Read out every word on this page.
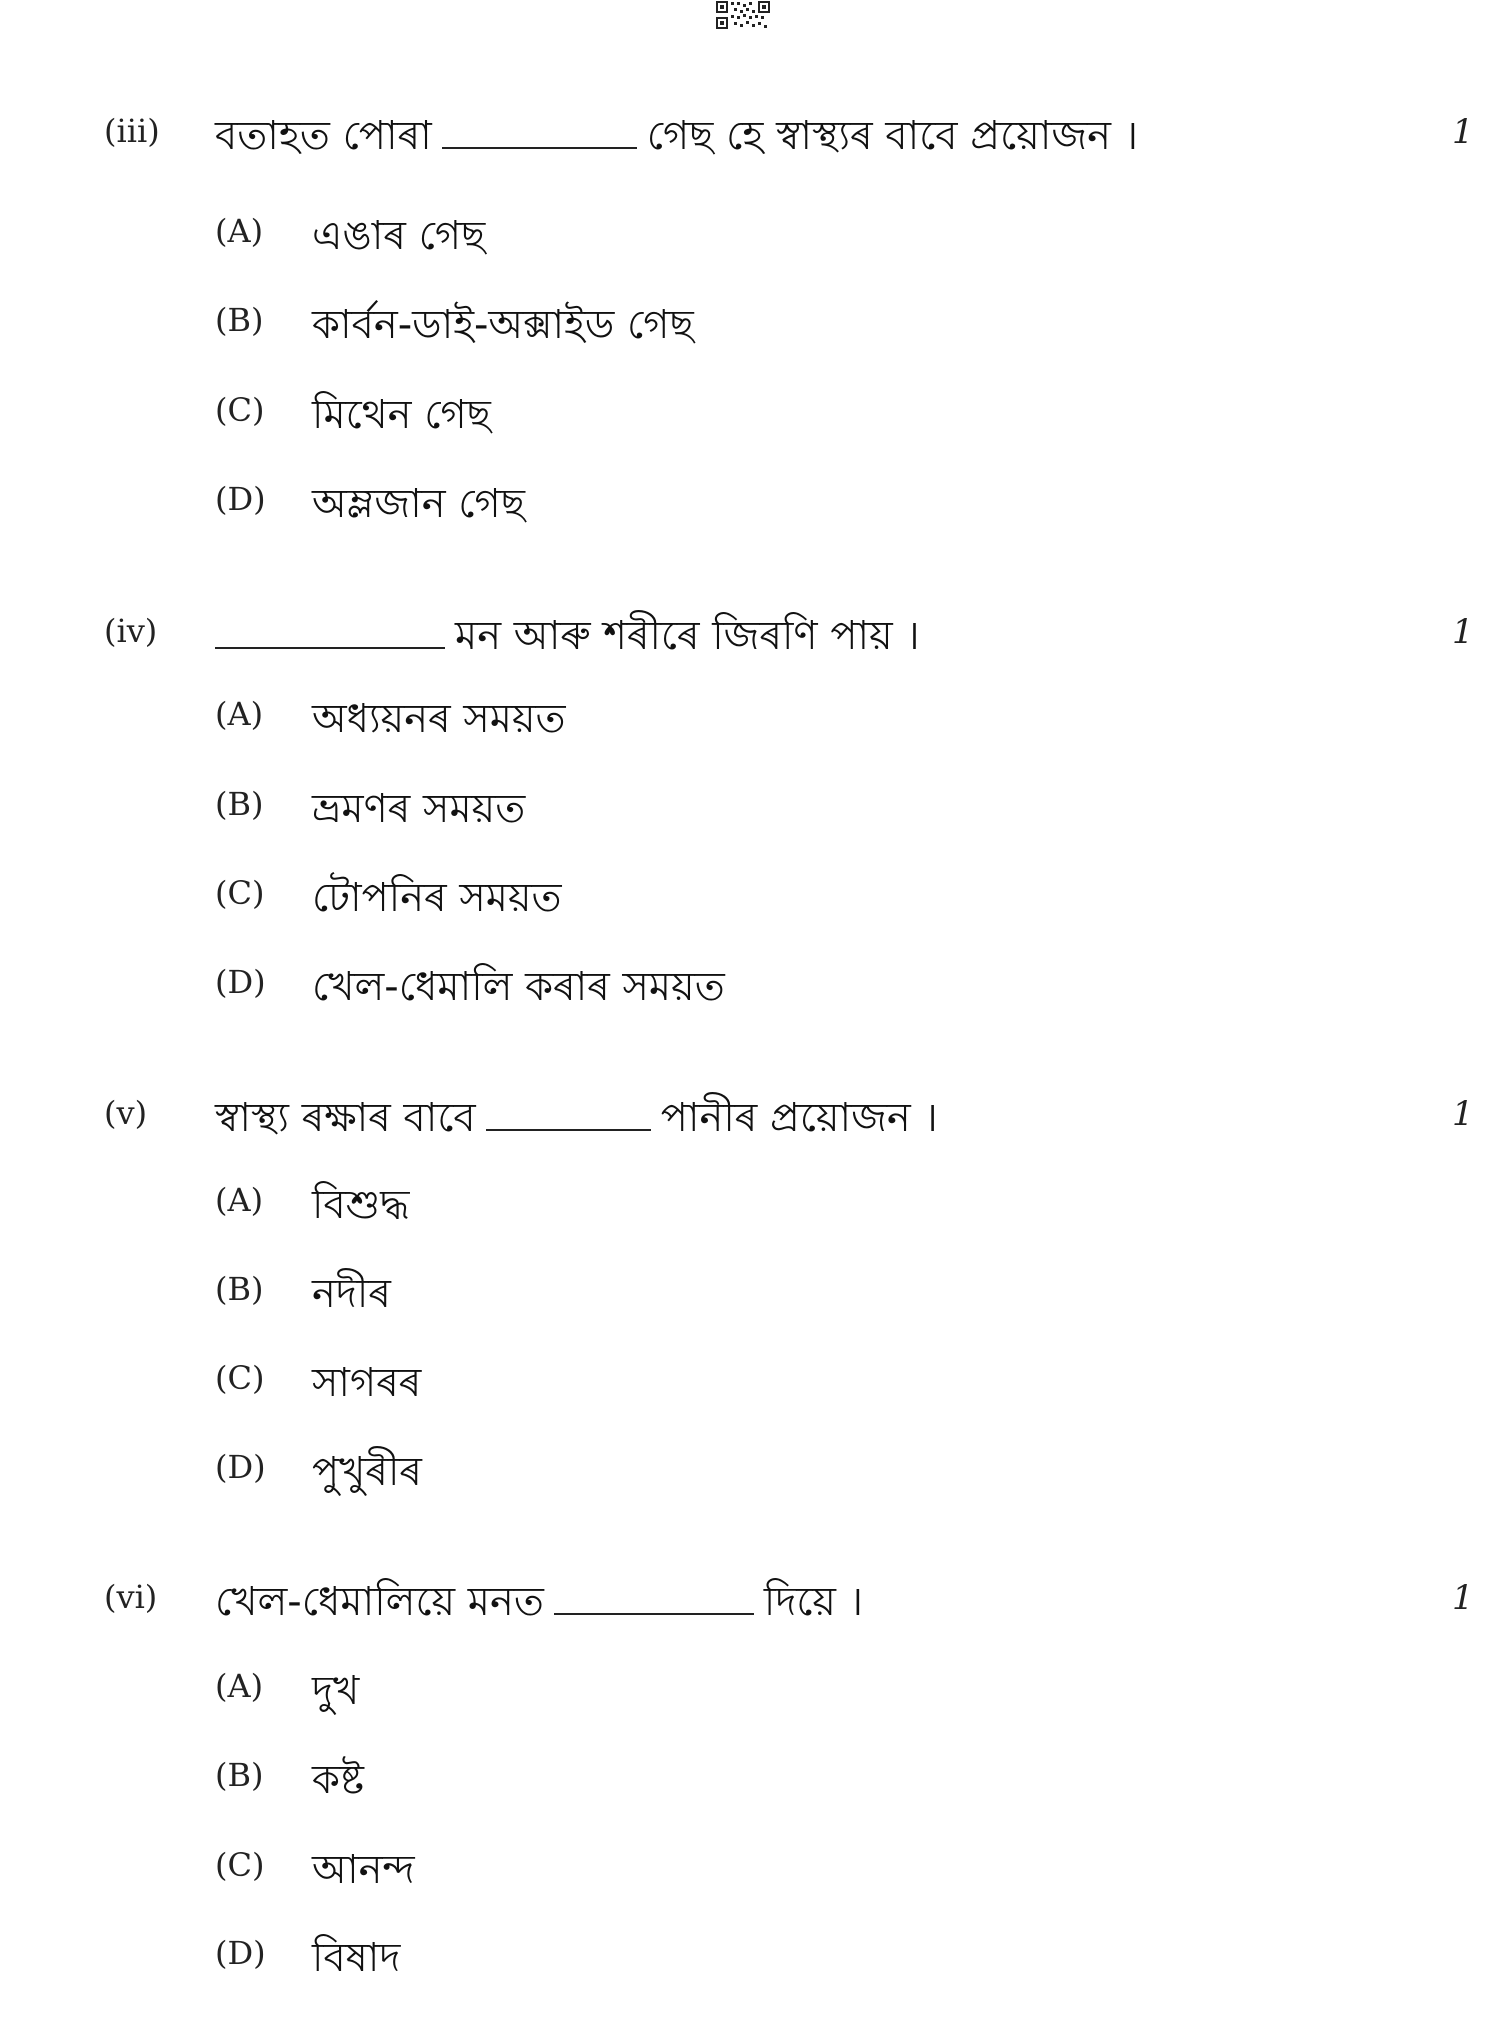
(iii) বতাহত পোৰা	গেছ হে স্বাস্থ্যৰ বাবে প্ৰয়োজন ।	1
(A) এঙাৰ গেছ
(B) কাৰ্বন-ডাই-অক্সাইড গেছ
(C) মিথেন গেছ
(D) অম্লজান গেছ
(iv)	মন আৰু শৰীৰে জিৰণি পায় ।	1
(A) অধ্যয়নৰ সময়ত
(B) ভ্ৰমণৰ সময়ত
(C) টোপনিৰ সময়ত
(D) খেল-ধেমালি কৰাৰ সময়ত
(v) স্বাস্থ্য ৰক্ষাৰ বাবে	পানীৰ প্ৰয়োজন ।	1
(A) বিশুদ্ধ
(B) নদীৰ
(C) সাগৰৰ
(D) পুখুৰীৰ
(vi) খেল-ধেমালিয়ে মনত	দিয়ে ।	1
(A) দুখ
(B) কষ্ট
(C) আনন্দ
(D) বিষাদ
